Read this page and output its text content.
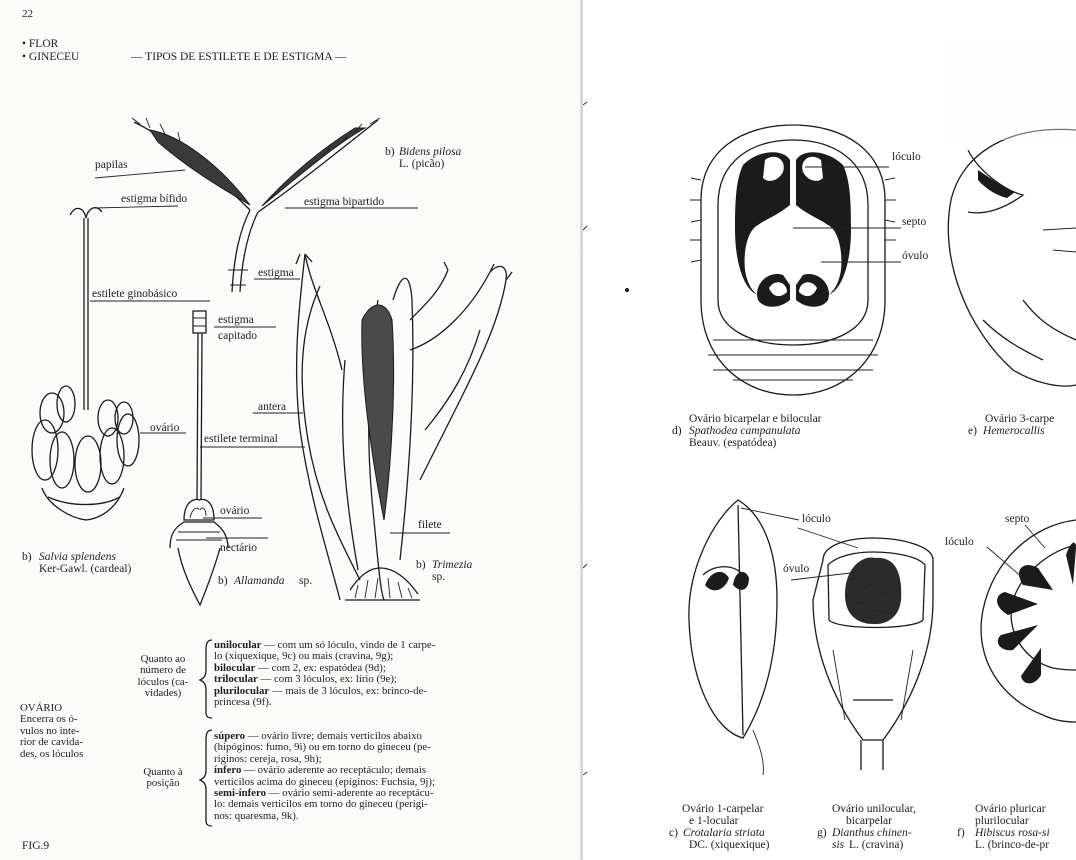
22
• FLOR
• GINECEU	— TIPOS DE ESTILETE E DE ESTIGMA —
papilas
estigma bífido	estigma bipartido
estigma
estilete ginobásico
estigma
capitado
ovário
estilete terminal
antera
ovário
nectário
filete
b) Bidens pilosa
L. (picão)
b) Salvia splendens
Ker-Gawl. (cardeal)
b) Allamanda sp.
b) Trimezia
sp.
OVÁRIO
Encerra os ó-
vulos no inte-
rior de cavida-
des, os lóculos
Quanto ao
número de
lóculos (ca-
vidades)
Quanto à
posição
unilocular — com um só lóculo, vindo de 1 carpe-
lo (xiquexique, 9c) ou mais (cravina, 9g);
bilocular — com 2, ex: espatódea (9d);
trilocular — com 3 lóculos, ex: lírio (9e);
plurilocular — mais de 3 lóculos, ex: brinco-de-
princesa (9f).
súpero — ovário livre; demais verticilos abaixo
(hipóginos: fumo, 9i) ou em torno do gineceu (pe-
ríginos: cereja, rosa, 9h);
ínfero — ovário aderente ao receptáculo; demais
verticilos acima do gineceu (epíginos: Fuchsia, 9j);
semi-ínfero — ovário semi-aderente ao receptácu-
lo: demais verticilos em torno do gineceu (perígi-
nos: quaresma, 9k).
FIG.9
lóculo
septo
óvulo
lóculo
óvulo
septo
lóculo
Ovário bicarpelar e bilocular
d) Spathodea campanulata
Beauv. (espatódea)
Ovário 3-carpe
e) Hemerocallis
Ovário 1-carpelar
e 1-locular
c) Crotalaria striata
DC. (xiquexique)
Ovário unilocular,
bicarpelar
g) Dianthus chinen-
sis L. (cravina)
Ovário pluricar
plurilocular
f) Hibiscus rosa-si
L. (brinco-de-pr
